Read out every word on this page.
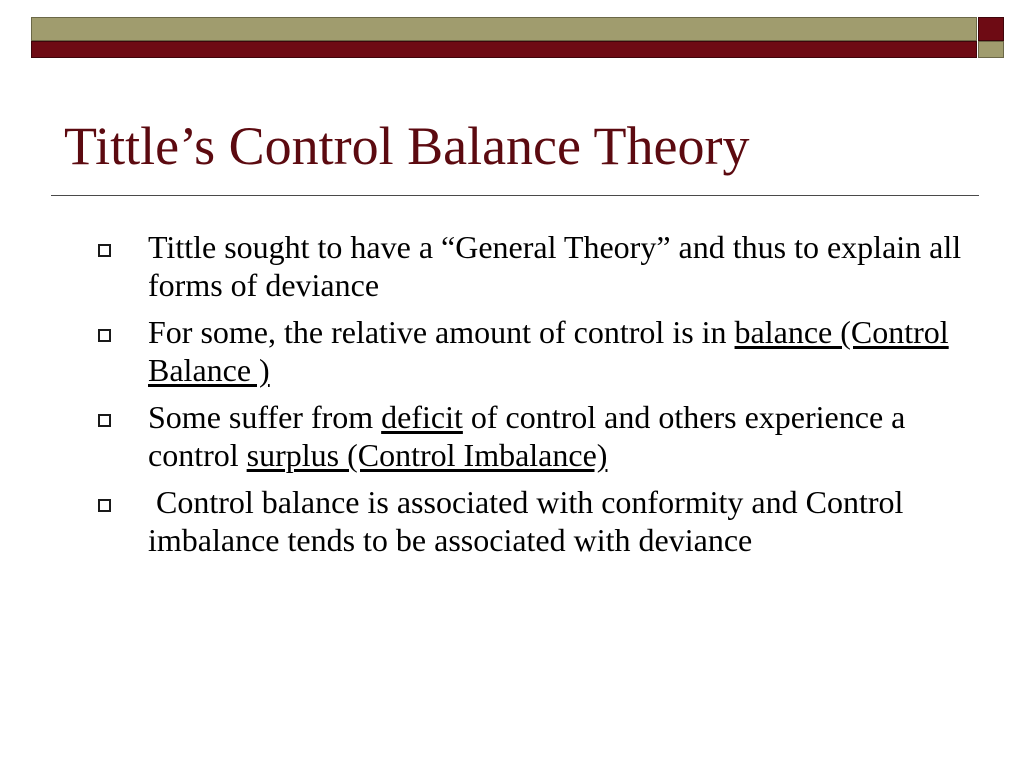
Tittle’s Control Balance Theory
Tittle sought to have a “General Theory” and thus to explain all forms of deviance
For some, the relative amount of control is in balance (Control Balance )
Some suffer from deficit of control and others experience a control surplus (Control Imbalance)
Control balance is associated with conformity and Control imbalance tends to be associated with deviance
